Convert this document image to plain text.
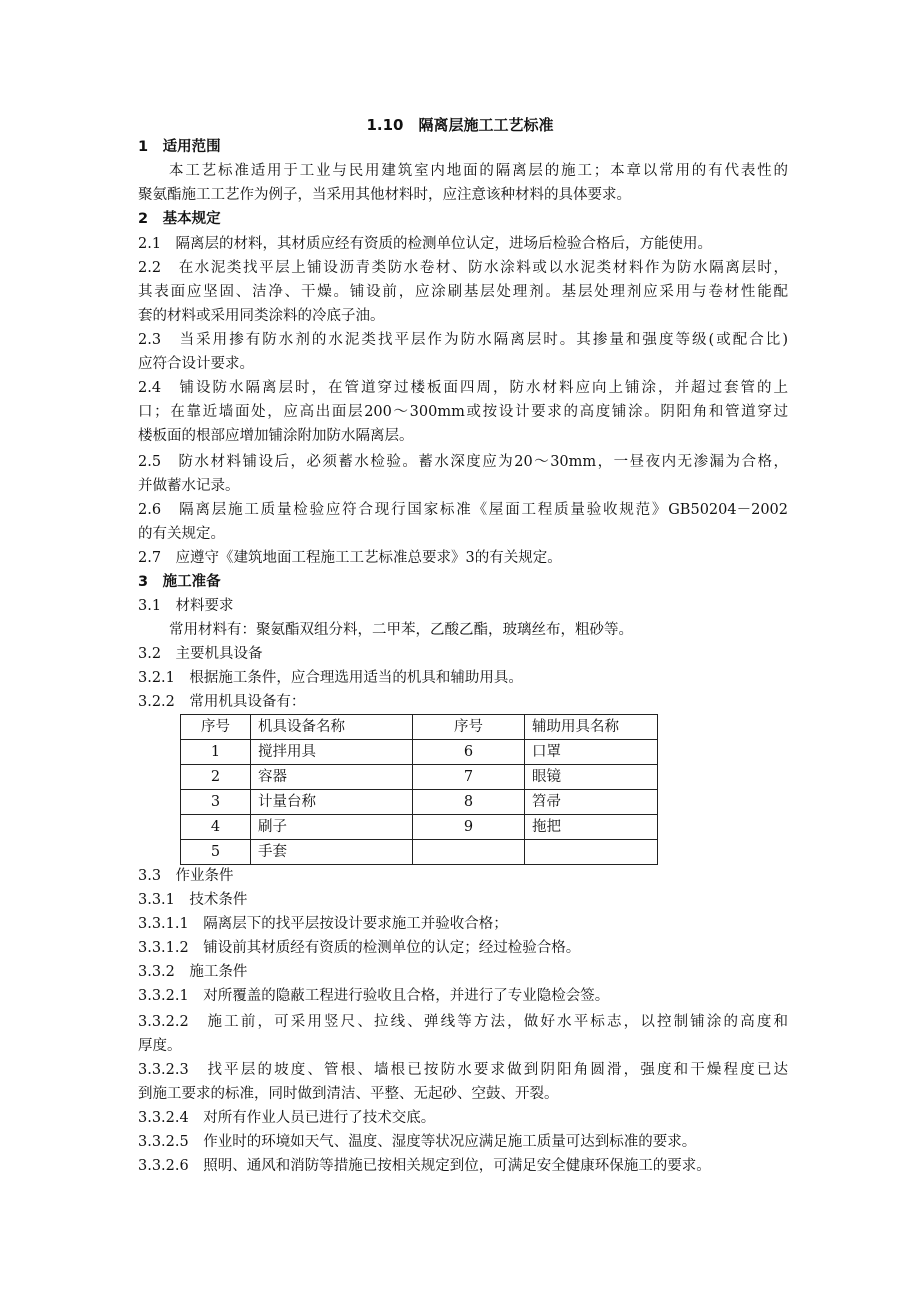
1.10　隔离层施工工艺标准
1　适用范围
本工艺标准适用于工业与民用建筑室内地面的隔离层的施工；本章以常用的有代表性的
聚氨酯施工工艺作为例子，当采用其他材料时，应注意该种材料的具体要求。
2　基本规定
2.1　隔离层的材料，其材质应经有资质的检测单位认定，进场后检验合格后，方能使用。
2.2　在水泥类找平层上铺设沥青类防水卷材、防水涂料或以水泥类材料作为防水隔离层时，
其表面应坚固、洁净、干燥。铺设前，应涂刷基层处理剂。基层处理剂应采用与卷材性能配
套的材料或采用同类涂料的冷底子油。
2.3　当采用掺有防水剂的水泥类找平层作为防水隔离层时。其掺量和强度等级(或配合比)
应符合设计要求。
2.4　铺设防水隔离层时，在管道穿过楼板面四周，防水材料应向上铺涂，并超过套管的上
口；在靠近墙面处，应高出面层200～300mm或按设计要求的高度铺涂。阴阳角和管道穿过
楼板面的根部应增加铺涂附加防水隔离层。
2.5　防水材料铺设后，必须蓄水检验。蓄水深度应为20～30mm，一昼夜内无渗漏为合格，
并做蓄水记录。
2.6　隔离层施工质量检验应符合现行国家标准《屋面工程质量验收规范》GB50204－2002
的有关规定。
2.7　应遵守《建筑地面工程施工工艺标准总要求》3的有关规定。
3　施工准备
3.1　材料要求
常用材料有：聚氨酯双组分料，二甲苯，乙酸乙酯，玻璃丝布，粗砂等。
3.2　主要机具设备
3.2.1　根据施工条件，应合理选用适当的机具和辅助用具。
3.2.2　常用机具设备有：
序号	机具设备名称	序号	辅助用具名称
1	搅拌用具	6	口罩
2	容器	7	眼镜
3	计量台称	8	笤帚
4	刷子	9	拖把
5	手套		
3.3　作业条件
3.3.1　技术条件
3.3.1.1　隔离层下的找平层按设计要求施工并验收合格；
3.3.1.2　铺设前其材质经有资质的检测单位的认定；经过检验合格。
3.3.2　施工条件
3.3.2.1　对所覆盖的隐蔽工程进行验收且合格，并进行了专业隐检会签。
3.3.2.2　施工前，可采用竖尺、拉线、弹线等方法，做好水平标志，以控制铺涂的高度和
厚度。
3.3.2.3　找平层的坡度、管根、墙根已按防水要求做到阴阳角圆滑，强度和干燥程度已达
到施工要求的标准，同时做到清洁、平整、无起砂、空鼓、开裂。
3.3.2.4　对所有作业人员已进行了技术交底。
3.3.2.5　作业时的环境如天气、温度、湿度等状况应满足施工质量可达到标准的要求。
3.3.2.6　照明、通风和消防等措施已按相关规定到位，可满足安全健康环保施工的要求。
